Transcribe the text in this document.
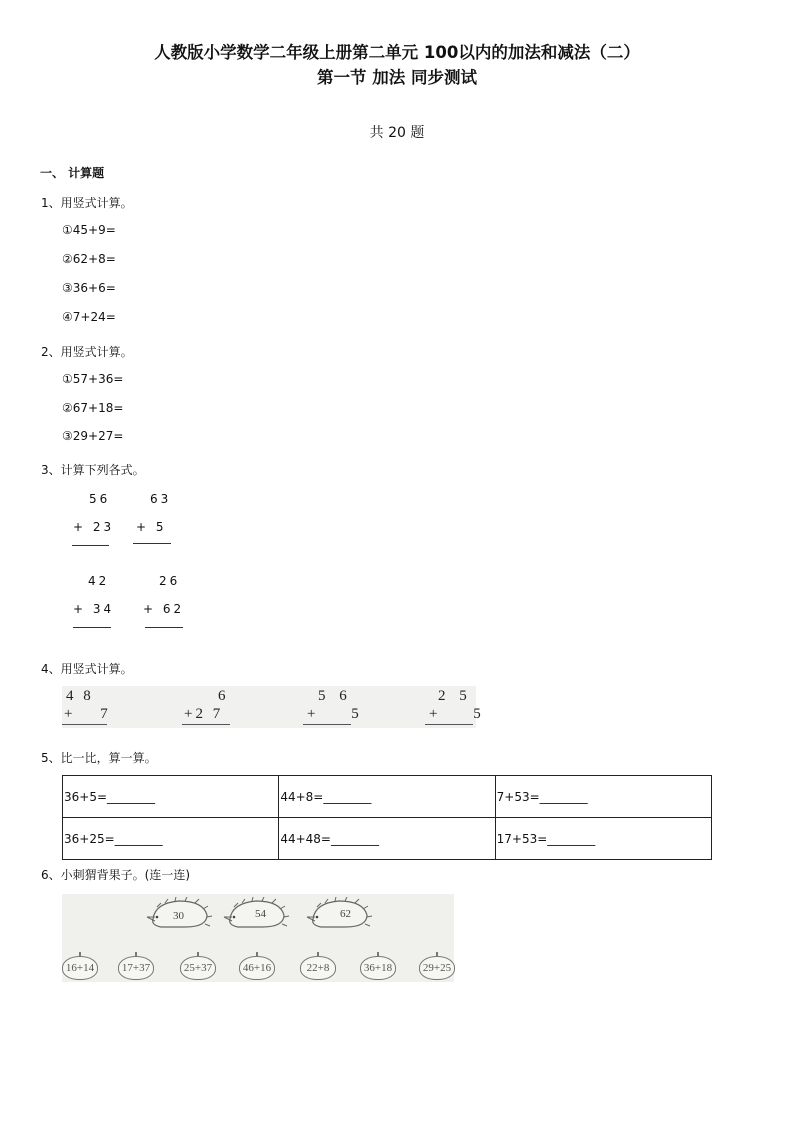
人教版小学数学二年级上册第二单元 100以内的加法和减法（二）
第一节 加法 同步测试
共 20 题
一、 计算题
1、用竖式计算。
①45+9=
②62+8=
③36+6=
④7+24=
2、用竖式计算。
①57+36=
②67+18=
③29+27=
3、计算下列各式。
56
+ 23
63
+ 5
42
+ 34
26
+ 62
4、用竖式计算。
4 8
+ 7
6
+2 7
5 6
+ 5
2 5
+ 5
5、比一比，算一算。
36+5=________	44+8=________	7+53=________
36+25=________	44+48=________	17+53=________
6、小刺猬背果子。(连一连)
30	54	62
16+14	17+37	25+37	46+16	22+8	36+18	29+25
